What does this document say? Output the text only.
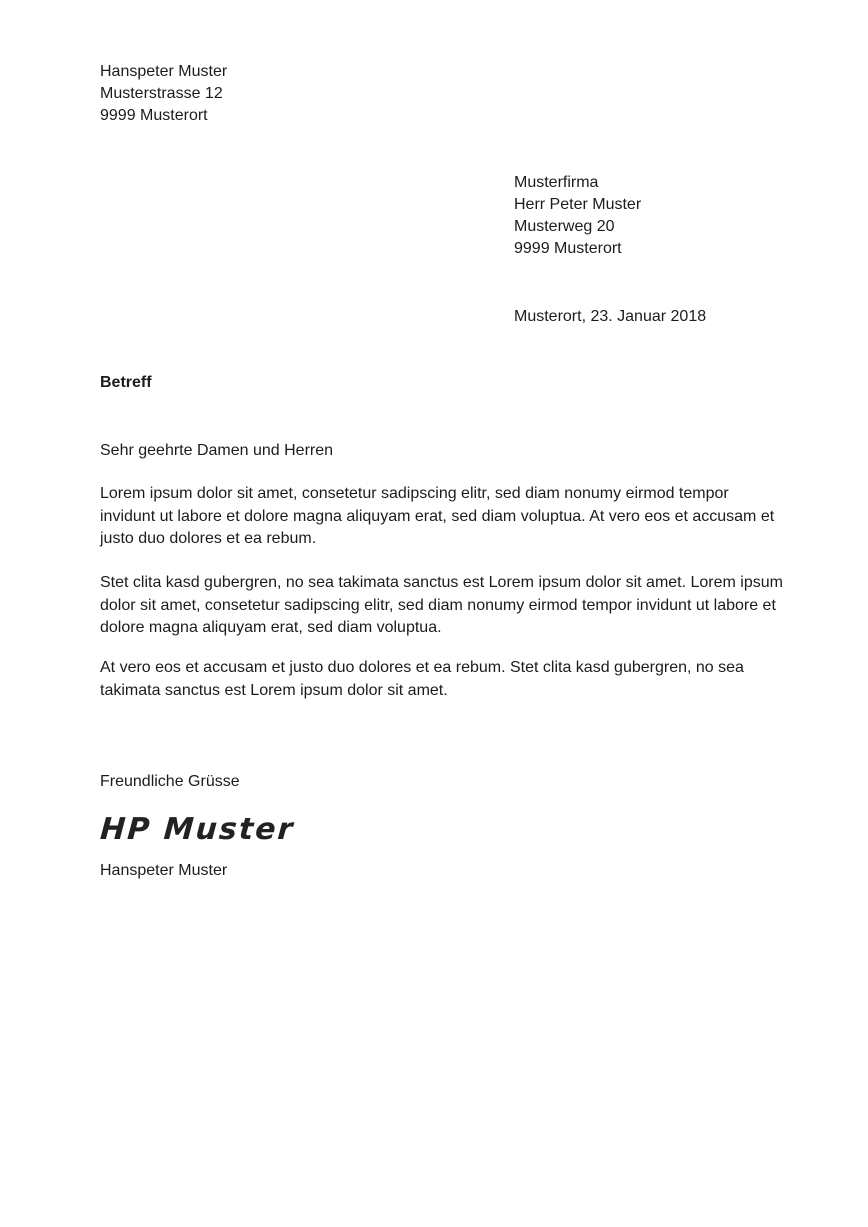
Hanspeter Muster
Musterstrasse 12
9999 Musterort
Musterfirma
Herr Peter Muster
Musterweg 20
9999 Musterort
Musterort, 23. Januar 2018
Betreff
Sehr geehrte Damen und Herren

Lorem ipsum dolor sit amet, consetetur sadipscing elitr, sed diam nonumy eirmod tempor invidunt ut labore et dolore magna aliquyam erat, sed diam voluptua. At vero eos et accusam et justo duo dolores et ea rebum.

Stet clita kasd gubergren, no sea takimata sanctus est Lorem ipsum dolor sit amet. Lorem ipsum dolor sit amet, consetetur sadipscing elitr, sed diam nonumy eirmod tempor invidunt ut labore et dolore magna aliquyam erat, sed diam voluptua.

At vero eos et accusam et justo duo dolores et ea rebum. Stet clita kasd gubergren, no sea takimata sanctus est Lorem ipsum dolor sit amet.

Freundliche Grüsse
HP Muster
Hanspeter Muster
